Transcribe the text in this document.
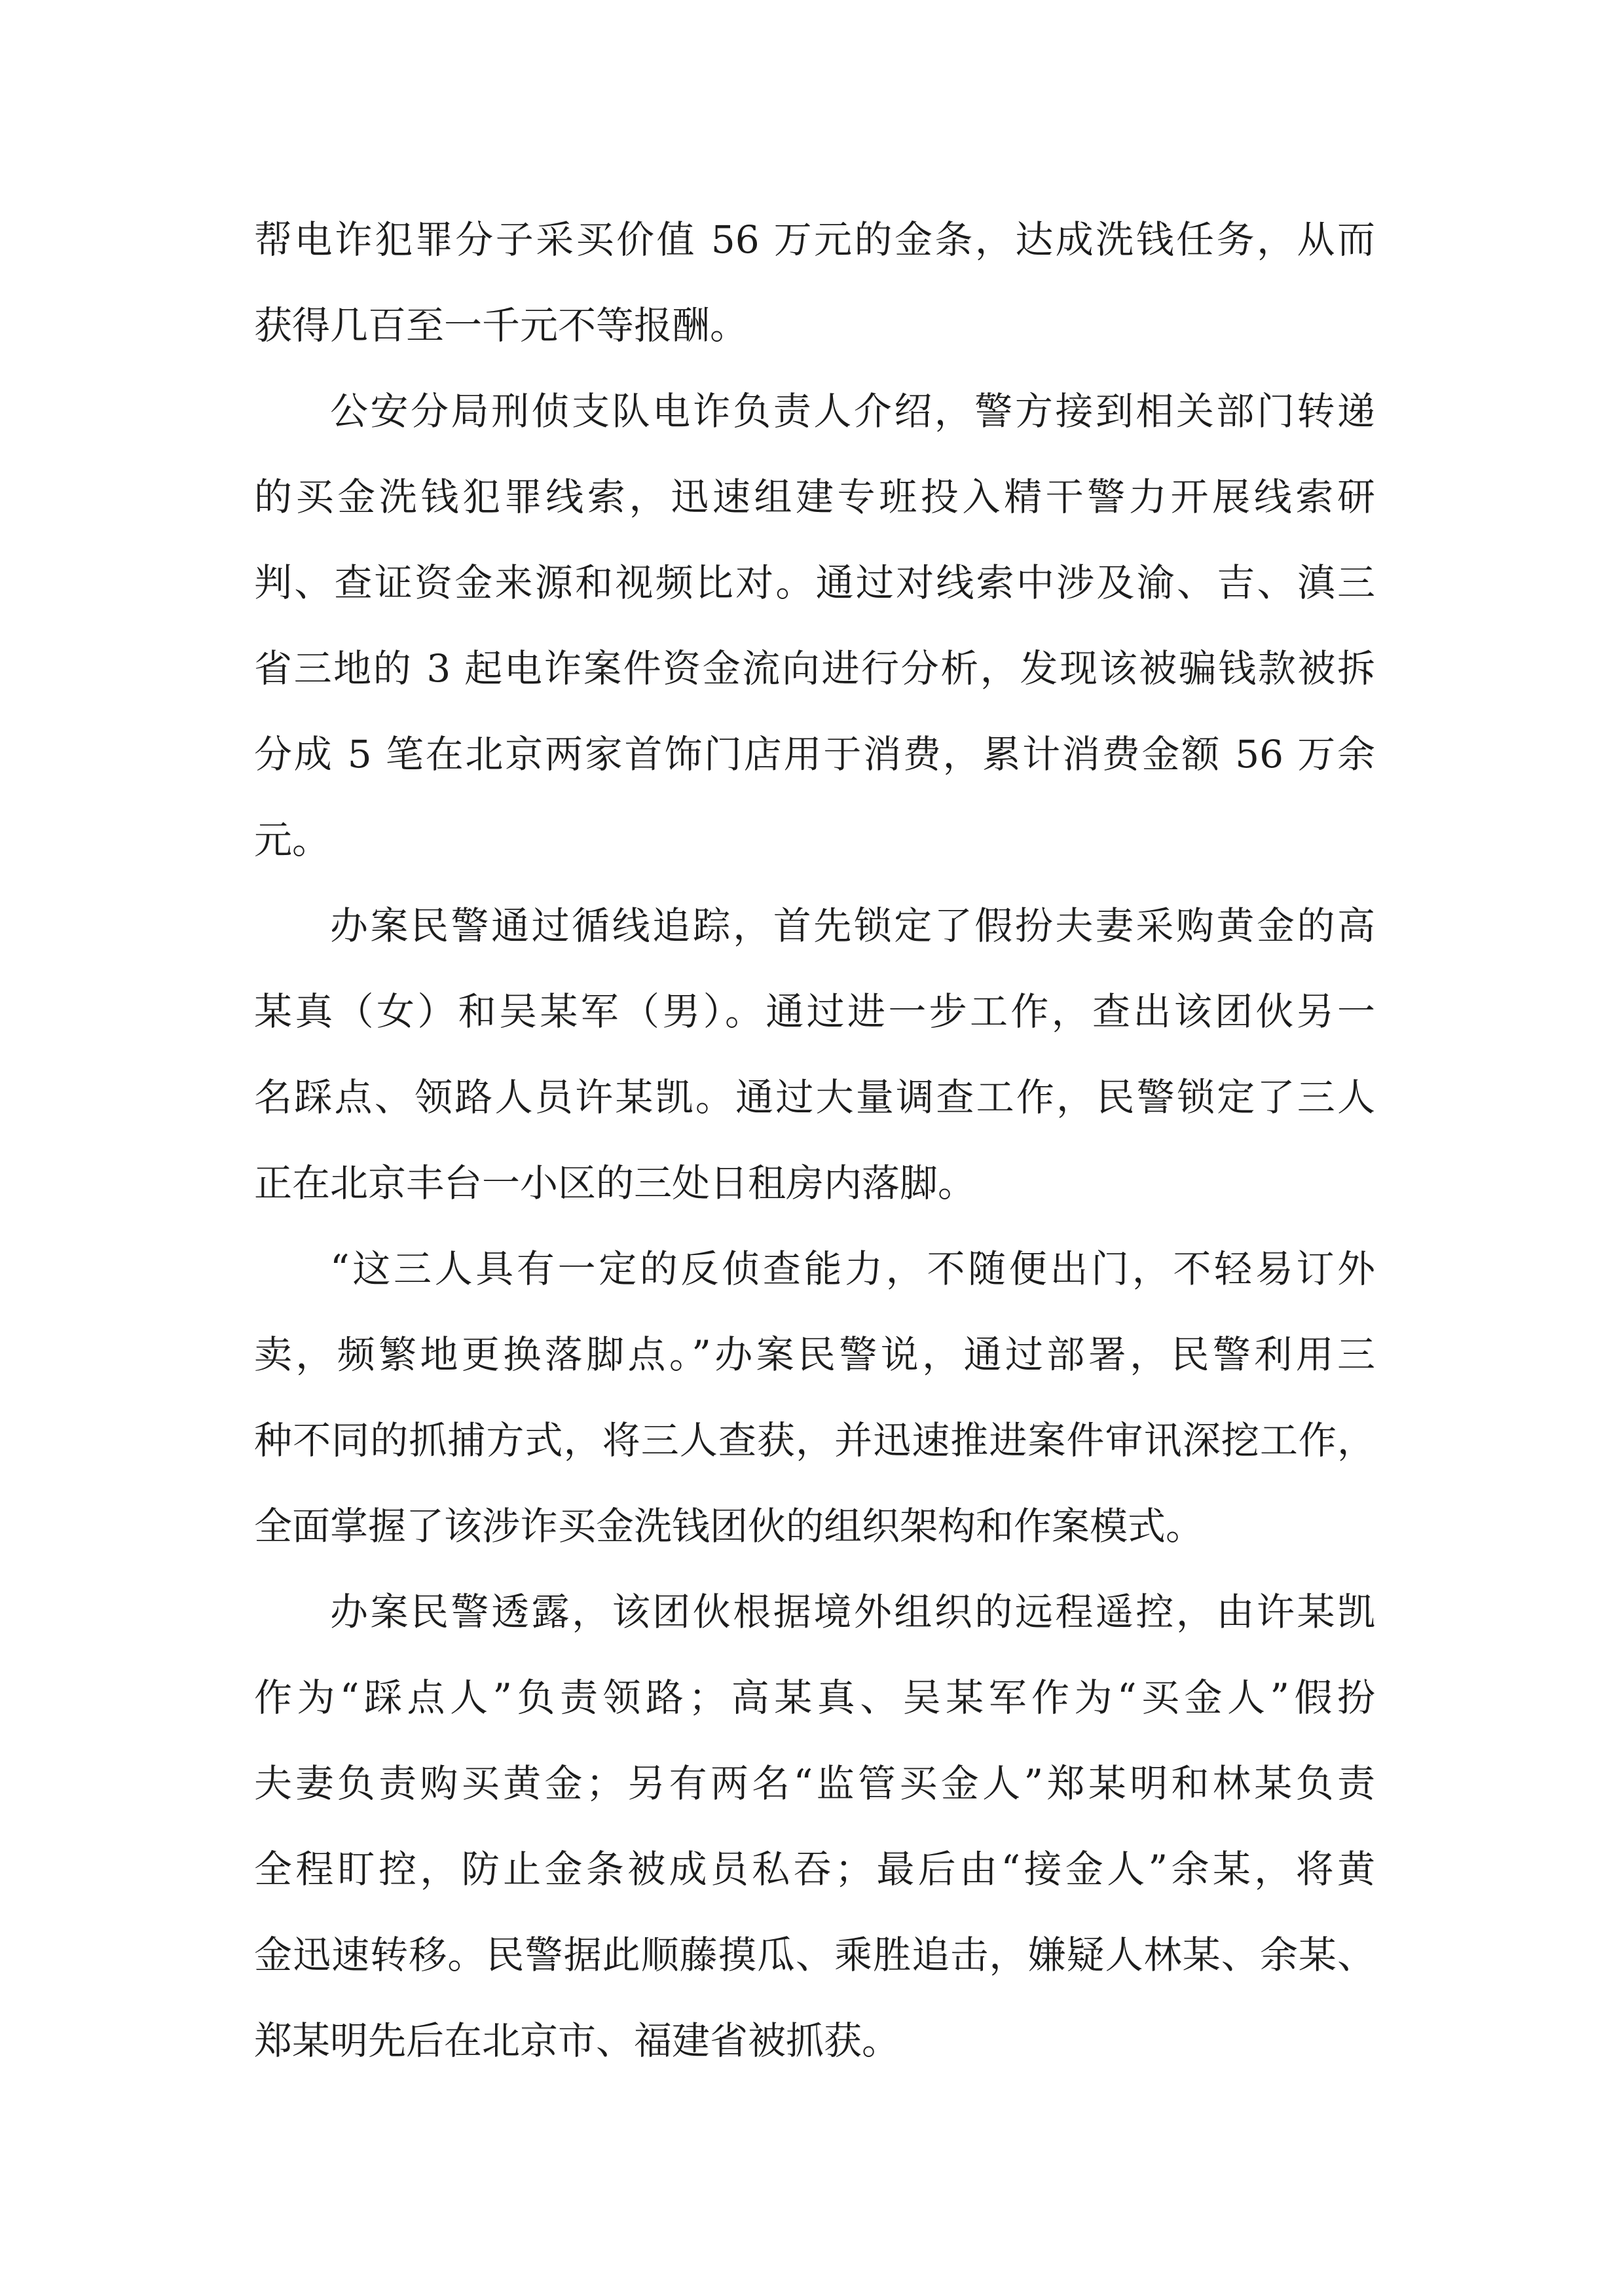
帮电诈犯罪分子采买价值 56 万元的金条，达成洗钱任务，从而
获得几百至一千元不等报酬。
公安分局刑侦支队电诈负责人介绍，警方接到相关部门转递
的买金洗钱犯罪线索，迅速组建专班投入精干警力开展线索研
判、查证资金来源和视频比对。通过对线索中涉及渝、吉、滇三
省三地的 3 起电诈案件资金流向进行分析，发现该被骗钱款被拆
分成 5 笔在北京两家首饰门店用于消费，累计消费金额 56 万余
元。
办案民警通过循线追踪，首先锁定了假扮夫妻采购黄金的高
某真（女）和吴某军（男）。通过进一步工作，查出该团伙另一
名踩点、领路人员许某凯。通过大量调查工作，民警锁定了三人
正在北京丰台一小区的三处日租房内落脚。
“这三人具有一定的反侦查能力，不随便出门，不轻易订外
卖，频繁地更换落脚点。”办案民警说，通过部署，民警利用三
种不同的抓捕方式，将三人查获，并迅速推进案件审讯深挖工作，
全面掌握了该涉诈买金洗钱团伙的组织架构和作案模式。
办案民警透露，该团伙根据境外组织的远程遥控，由许某凯
作为“踩点人”负责领路；高某真、吴某军作为“买金人”假扮
夫妻负责购买黄金；另有两名“监管买金人”郑某明和林某负责
全程盯控，防止金条被成员私吞；最后由“接金人”余某，将黄
金迅速转移。民警据此顺藤摸瓜、乘胜追击，嫌疑人林某、余某、
郑某明先后在北京市、福建省被抓获。
